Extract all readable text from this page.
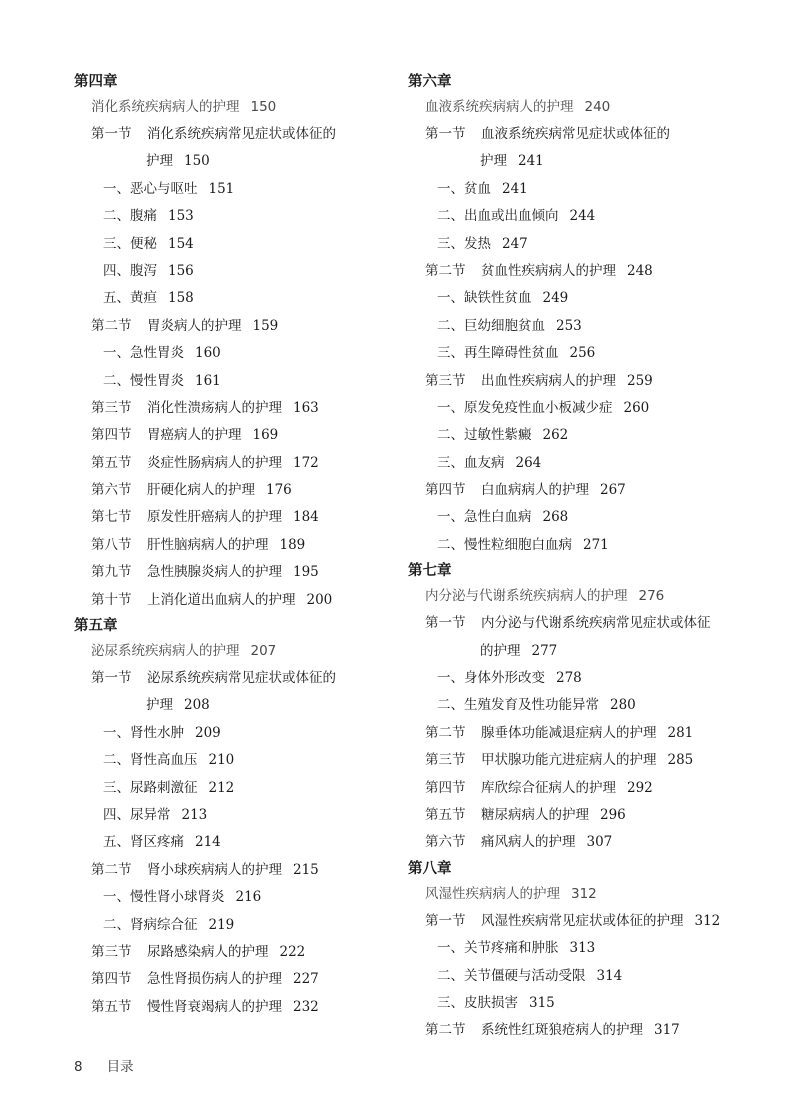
第四章
消化系统疾病病人的护理 150
第一节 消化系统疾病常见症状或体征的
护理 150
一、恶心与呕吐 151
二、腹痛 153
三、便秘 154
四、腹泻 156
五、黄疸 158
第二节 胃炎病人的护理 159
一、急性胃炎 160
二、慢性胃炎 161
第三节 消化性溃疡病人的护理 163
第四节 胃癌病人的护理 169
第五节 炎症性肠病病人的护理 172
第六节 肝硬化病人的护理 176
第七节 原发性肝癌病人的护理 184
第八节 肝性脑病病人的护理 189
第九节 急性胰腺炎病人的护理 195
第十节 上消化道出血病人的护理 200
第五章
泌尿系统疾病病人的护理 207
第一节 泌尿系统疾病常见症状或体征的
护理 208
一、肾性水肿 209
二、肾性高血压 210
三、尿路刺激征 212
四、尿异常 213
五、肾区疼痛 214
第二节 肾小球疾病病人的护理 215
一、慢性肾小球肾炎 216
二、肾病综合征 219
第三节 尿路感染病人的护理 222
第四节 急性肾损伤病人的护理 227
第五节 慢性肾衰竭病人的护理 232
第六章
血液系统疾病病人的护理 240
第一节 血液系统疾病常见症状或体征的
护理 241
一、贫血 241
二、出血或出血倾向 244
三、发热 247
第二节 贫血性疾病病人的护理 248
一、缺铁性贫血 249
二、巨幼细胞贫血 253
三、再生障碍性贫血 256
第三节 出血性疾病病人的护理 259
一、原发免疫性血小板减少症 260
二、过敏性紫癜 262
三、血友病 264
第四节 白血病病人的护理 267
一、急性白血病 268
二、慢性粒细胞白血病 271
第七章
内分泌与代谢系统疾病病人的护理 276
第一节 内分泌与代谢系统疾病常见症状或体征
的护理 277
一、身体外形改变 278
二、生殖发育及性功能异常 280
第二节 腺垂体功能减退症病人的护理 281
第三节 甲状腺功能亢进症病人的护理 285
第四节 库欣综合征病人的护理 292
第五节 糖尿病病人的护理 296
第六节 痛风病人的护理 307
第八章
风湿性疾病病人的护理 312
第一节 风湿性疾病常见症状或体征的护理 312
一、关节疼痛和肿胀 313
二、关节僵硬与活动受限 314
三、皮肤损害 315
第二节 系统性红斑狼疮病人的护理 317
8 目录
